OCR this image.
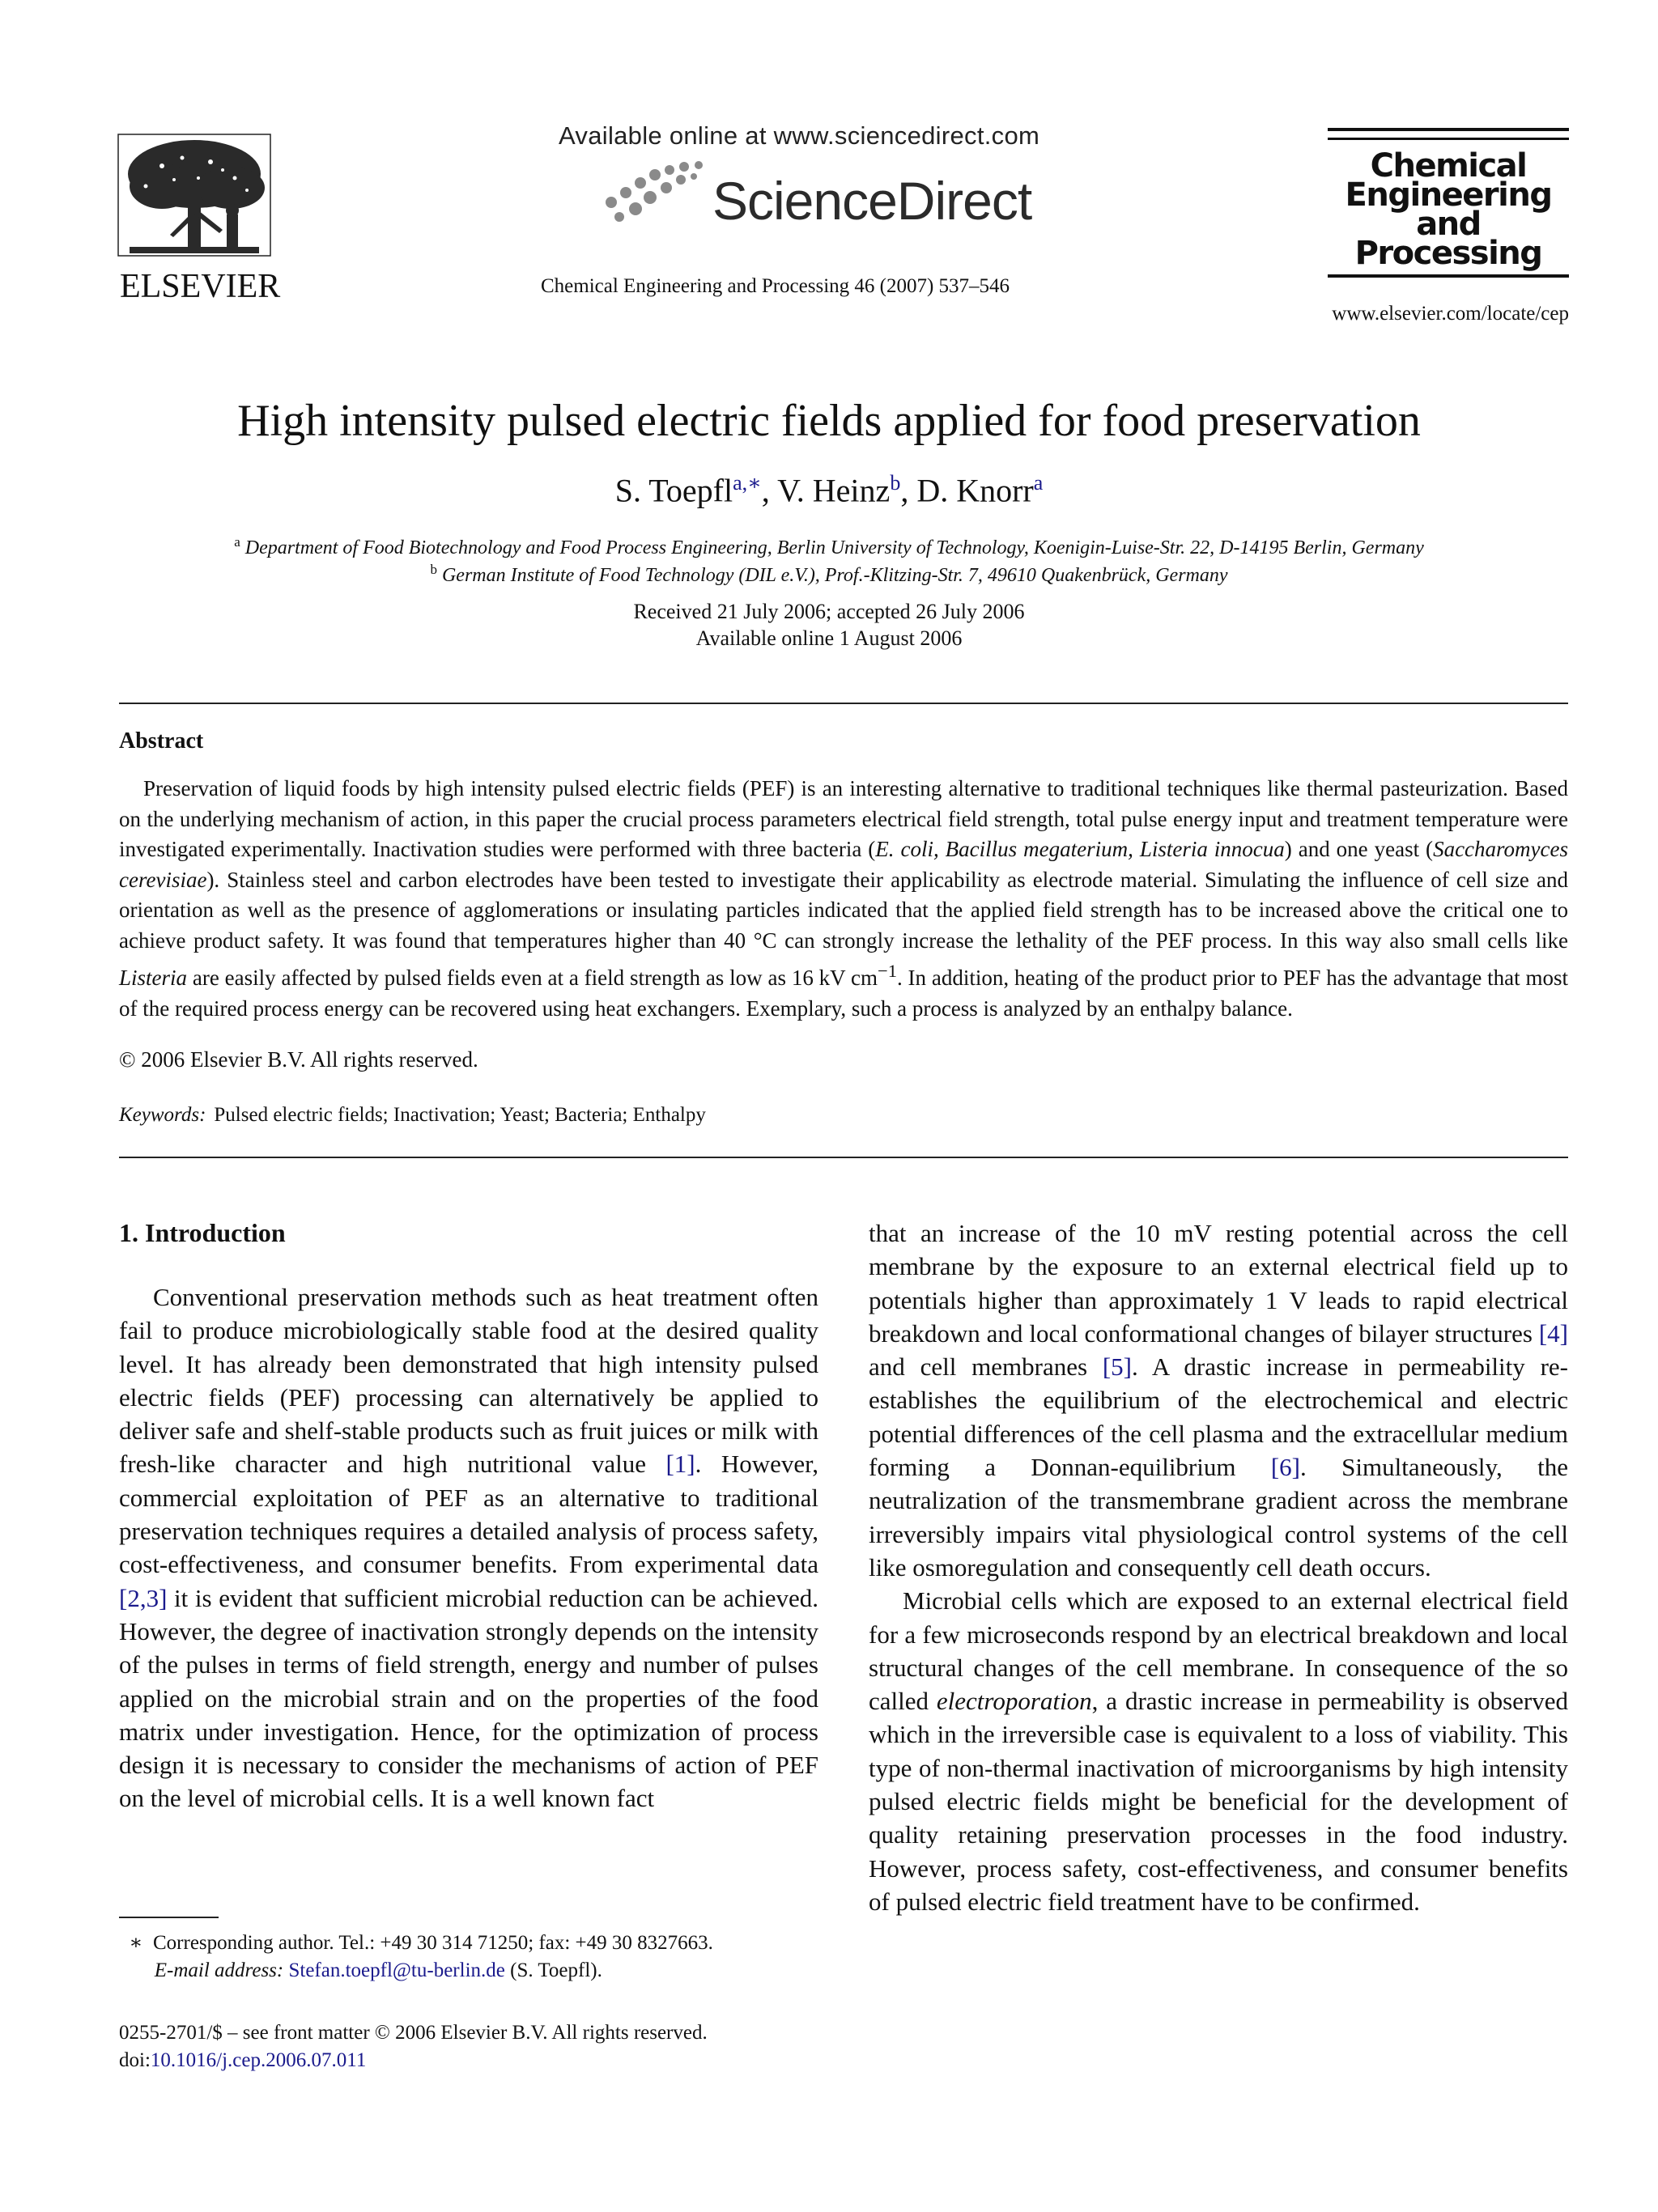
ELSEVIER
Available online at www.sciencedirect.com
ScienceDirect
Chemical Engineering and Processing 46 (2007) 537–546
Chemical
Engineering
and
Processing
www.elsevier.com/locate/cep
High intensity pulsed electric fields applied for food preservation
S. Toepfl$^{a,∗}$, V. Heinz$^b$, D. Knorr$^a$
$^a$ Department of Food Biotechnology and Food Process Engineering, Berlin University of Technology, Koenigin-Luise-Str. 22, D-14195 Berlin, Germany
$^b$ German Institute of Food Technology (DIL e.V.), Prof.-Klitzing-Str. 7, 49610 Quakenbrück, Germany
Received 21 July 2006; accepted 26 July 2006
Available online 1 August 2006
Abstract
Preservation of liquid foods by high intensity pulsed electric fields (PEF) is an interesting alternative to traditional techniques like thermal pasteurization. Based on the underlying mechanism of action, in this paper the crucial process parameters electrical field strength, total pulse energy input and treatment temperature were investigated experimentally. Inactivation studies were performed with three bacteria (E. coli, Bacillus megaterium, Listeria innocua) and one yeast (Saccharomyces cerevisiae). Stainless steel and carbon electrodes have been tested to investigate their applicability as electrode material. Simulating the influence of cell size and orientation as well as the presence of agglomerations or insulating particles indicated that the applied field strength has to be increased above the critical one to achieve product safety. It was found that temperatures higher than 40 °C can strongly increase the lethality of the PEF process. In this way also small cells like Listeria are easily affected by pulsed fields even at a field strength as low as 16 kV $cm^{-1}$. In addition, heating of the product prior to PEF has the advantage that most of the required process energy can be recovered using heat exchangers. Exemplary, such a process is analyzed by an enthalpy balance.
© 2006 Elsevier B.V. All rights reserved.
Keywords: Pulsed electric fields; Inactivation; Yeast; Bacteria; Enthalpy
1. Introduction

Conventional preservation methods such as heat treatment often fail to produce microbiologically stable food at the desired quality level. It has already been demonstrated that high intensity pulsed electric fields (PEF) processing can alternatively be applied to deliver safe and shelf-stable products such as fruit juices or milk with fresh-like character and high nutritional value [1]. However, commercial exploitation of PEF as an alternative to traditional preservation techniques requires a detailed analysis of process safety, cost-effectiveness, and consumer benefits. From experimental data [2,3] it is evident that sufficient microbial reduction can be achieved. However, the degree of inactivation strongly depends on the intensity of the pulses in terms of field strength, energy and number of pulses applied on the microbial strain and on the properties of the food matrix under investigation. Hence, for the optimization of process design it is necessary to consider the mechanisms of action of PEF on the level of microbial cells. It is a well known fact

that an increase of the 10 mV resting potential across the cell membrane by the exposure to an external electrical field up to potentials higher than approximately 1 V leads to rapid electrical breakdown and local conformational changes of bilayer structures [4] and cell membranes [5]. A drastic increase in permeability re-establishes the equilibrium of the electrochemical and electric potential differences of the cell plasma and the extracellular medium forming a Donnan-equilibrium [6]. Simultaneously, the neutralization of the transmembrane gradient across the membrane irreversibly impairs vital physiological control systems of the cell like osmoregulation and consequently cell death occurs.

Microbial cells which are exposed to an external electrical field for a few microseconds respond by an electrical breakdown and local structural changes of the cell membrane. In consequence of the so called electroporation, a drastic increase in permeability is observed which in the irreversible case is equivalent to a loss of viability. This type of non-thermal inactivation of microorganisms by high intensity pulsed electric fields might be beneficial for the development of quality retaining preservation processes in the food industry. However, process safety, cost-effectiveness, and consumer benefits of pulsed electric field treatment have to be confirmed.

∗ Corresponding author. Tel.: +49 30 314 71250; fax: +49 30 8327663.
E-mail address: Stefan.toepfl@tu-berlin.de (S. Toepfl).
0255-2701/$ – see front matter © 2006 Elsevier B.V. All rights reserved.
doi:10.1016/j.cep.2006.07.011
